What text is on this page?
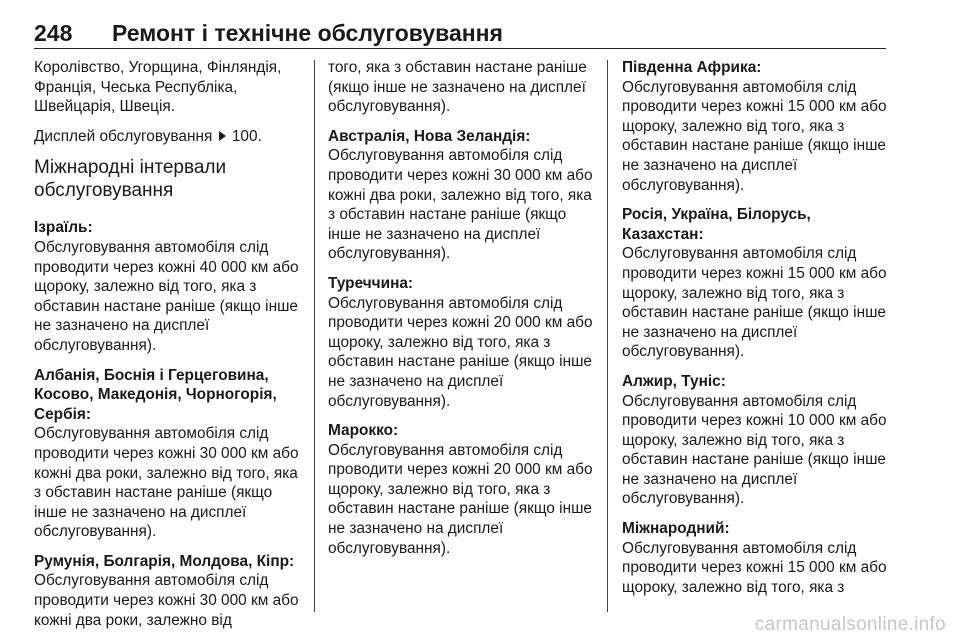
248 Ремонт і технічне обслуговування

Королівство, Угорщина, Фінляндія, Франція, Чеська Республіка, Швейцарія, Швеція.

Дисплей обслуговування 100.

Міжнародні інтервали обслуговування

Ізраїль:

Обслуговування автомобіля слід проводити через кожні 40 000 км або щороку, залежно від того, яка з обставин настане раніше (якщо інше не зазначено на дисплеї обслуговування).

Албанія, Боснія і Герцеговина, Косово, Македонія, Чорногорія, Сербія:

Обслуговування автомобіля слід проводити через кожні 30 000 км або кожні два роки, залежно від того, яка з обставин настане раніше (якщо інше не зазначено на дисплеї обслуговування).

Румунія, Болгарія, Молдова, Кіпр:

Обслуговування автомобіля слід проводити через кожні 30 000 км або кожні два роки, залежно від

того, яка з обставин настане раніше (якщо інше не зазначено на дисплеї обслуговування).

Австралія, Нова Зеландія:

Обслуговування автомобіля слід проводити через кожні 30 000 км або кожні два роки, залежно від того, яка з обставин настане раніше (якщо інше не зазначено на дисплеї обслуговування).

Туреччина:

Обслуговування автомобіля слід проводити через кожні 20 000 км або щороку, залежно від того, яка з обставин настане раніше (якщо інше не зазначено на дисплеї обслуговування).

Марокко:

Обслуговування автомобіля слід проводити через кожні 20 000 км або щороку, залежно від того, яка з обставин настане раніше (якщо інше не зазначено на дисплеї обслуговування).

Південна Африка:

Обслуговування автомобіля слід проводити через кожні 15 000 км або щороку, залежно від того, яка з обставин настане раніше (якщо інше не зазначено на дисплеї обслуговування).

Росія, Україна, Білорусь, Казахстан:

Обслуговування автомобіля слід проводити через кожні 15 000 км або щороку, залежно від того, яка з обставин настане раніше (якщо інше не зазначено на дисплеї обслуговування).

Алжир, Туніс:

Обслуговування автомобіля слід проводити через кожні 10 000 км або щороку, залежно від того, яка з обставин настане раніше (якщо інше не зазначено на дисплеї обслуговування).

Міжнародний:

Обслуговування автомобіля слід проводити через кожні 15 000 км або щороку, залежно від того, яка з

carmanualsonline.info
